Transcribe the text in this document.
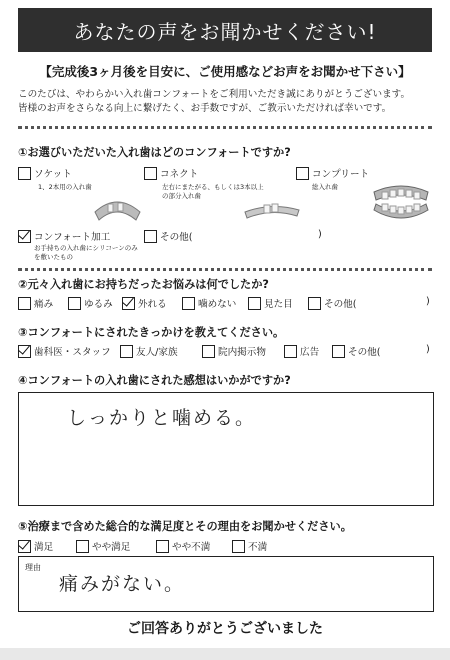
あなたの声をお聞かせください!
【完成後3ヶ月後を目安に、ご使用感などお声をお聞かせ下さい】
このたびは、やわらかい入れ歯コンフォートをご利用いただき誠にありがとうございます。
皆様のお声をさらなる向上に繋げたく、お手数ですが、ご教示いただければ幸いです。
①お選びいただいた入れ歯はどのコンフォートですか?
ソケット
1、2本用の入れ歯
コネクト
左右にまたがる、もしくは3本以上の部分入れ歯
コンプリート
総入れ歯
コンフォート加工
お手持ちの入れ歯にシリコーンのみを敷いたもの
その他(	)
②元々入れ歯にお持ちだったお悩みは何でしたか?
痛み	ゆるみ	外れる	噛めない	見た目	その他(	)
③コンフォートにされたきっかけを教えてください。
歯科医・スタッフ	友人/家族	院内掲示物	広告	その他(	)
④コンフォートの入れ歯にされた感想はいかがですか?
しっかりと噛める。
⑤治療まで含めた総合的な満足度とその理由をお聞かせください。
満足	やや満足	やや不満	不満
理由
痛みがない。
ご回答ありがとうございました
